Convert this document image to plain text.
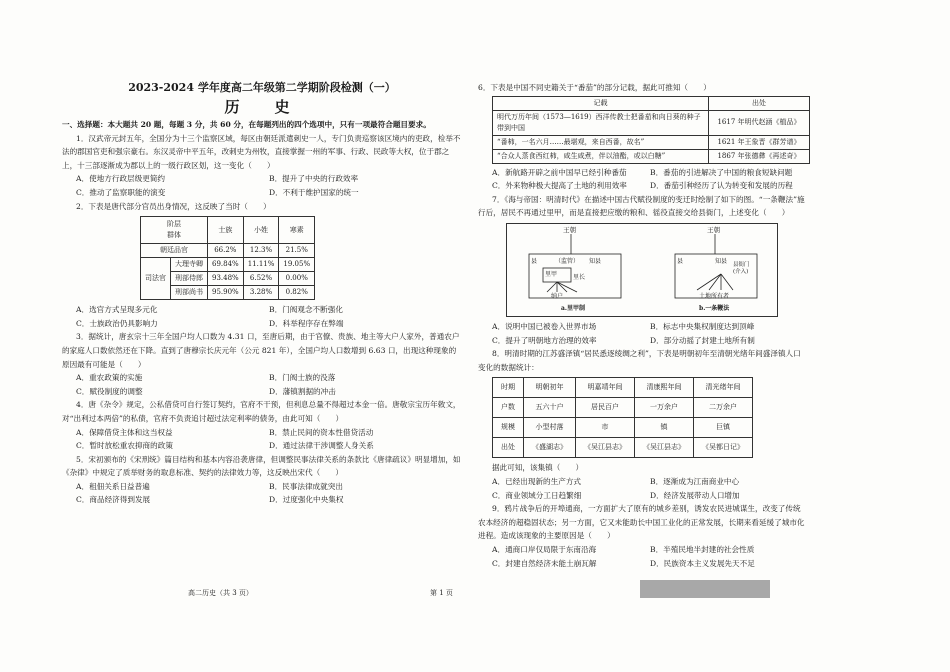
2023-2024 学年度高二年级第二学期阶段检测（一）
历　史

一、选择题：本大题共 20 题，每题 3 分，共 60 分，在每题列出的四个选项中，只有一项最符合题目要求。

1．汉武帝元封五年，全国分为十三个监察区域，每区由朝廷派遣刺史一人，专门负责巡察该区境内的吏政，检举不法的郡国官吏和强宗豪右。东汉灵帝中平五年，改刺史为州牧，直接掌握一州的军事、行政、民政等大权，位于郡之上，十三部逐渐成为郡以上的一级行政区划，这一变化（　　）

A．使地方行政层级更简约	B．提升了中央的行政效率
C．推动了监察职能的演变	D．不利于维护国家的统一

2．下表是唐代部分官员出身情况，这反映了当时（　　）

阶层
群体		士族	小姓	寒素
朝廷品官		66.2%	12.3%	21.5%
司法官	大理寺卿	69.84%	11.11%	19.05%
	刑部侍郎	93.48%	6.52%	0.00%
	刑部尚书	95.90%	3.28%	0.82%
A．选官方式呈现多元化	B．门阀观念不断强化
C．士族政治仍具影响力	D．科举程序存在弊端

3．据统计，唐玄宗十三年全国户均人口数为 4.31 口，至唐后期，由于官僚、贵族、地主等大户人家外，普通农户的家庭人口数依然还在下降。直到了唐穆宗长庆元年（公元 821 年），全国户均人口数增到 6.63 口，出现这种现象的原因最有可能是（　　）

A．重农政策的实施	B．门阀士族的没落
C．赋役制度的调整	D．藩镇割据的冲击

4．唐《杂令》规定，公私借贷可自行签订契约，官府不干预，但利息总量不得超过本金一倍。唐敬宗宝历年敕文，对“出利过本两倍”的私债，官府不负责追讨超过法定利率的债务，由此可知（　　）

A．保障借贷主体和这当权益	B．禁止民间的资本性借贷活动
C．暂时放松重农抑商的政策	D．通过法律干涉调整人身关系

5．宋初颁布的《宋刑统》篇目结构和基本内容沿袭唐律，但调整民事法律关系的条款比《唐律疏议》明显增加，如《杂律》中规定了质举财务的取息标准、契约的法律效力等，这反映出宋代（　　）

A．租佃关系日益普遍	B．民事法律成就突出
C．商品经济得到发展	D．过度强化中央集权

6．下表是中国不同史籍关于“番茄”的部分记载，据此可推知（　　）

记载	出处
明代万历年间（1573—1619）西洋传教士把番茄和向日葵的种子带到中国	1617 年明代赵涵《植品》
“番柿，一名六月……最堪观，来自西番，故名”	1621 年王象晋《群芳谱》
“合众人蒸食西红柿，咸生咸煮，伴以油酯，或以白糖”	1867 年张德彝《再述奇》
A．新航路开辟之前中国早已经引种番茄	B．番茄的引进解决了中国的粮食短缺问题
C．外来物种极大提高了土地的利用效率	D．番茄引种经历了认为转变和发展的历程

7．《海与帝国：明清时代》在描述中国古代赋役制度的变迁时绘制了如下的图。“一条鞭法”施行后，居民不再通过里甲，而是直接把应缴的粮和、徭役直接交给县衙门，上述变化（　　）

王朝	王朝
县	县
（监管） 知县	知县
里甲	里长
纳户
县衙门
(介入)
土地所有者
a.里甲制	b.一条鞭法
A．说明中国已被卷入世界市场	B．标志中央集权制度达到顶峰
C．提升了明朝地方治理的效率	D．部分动摇了封建土地所有制

8．明清时期的江苏盛泽镇“居民悉逐绫绸之利”，下表是明朝初年至清朝光绪年间盛泽镇人口变化的数据统计：

时期	明朝初年	明嘉靖年间	清康熙年间	清光绪年间
户数	五六十户	居民百户	一万余户	二万余户
规模	小型村落	市	镇	巨镇
出处	《盛湖志》	《吴江县志》	《吴江县志》	《吴都日记》

据此可知，该集镇（　　）

A．已经出现新的生产方式	B．逐渐成为江南商业中心
C．商业领域分工日趋繁细	D．经济发展带动人口增加

9．鸦片战争后的开埠通商，一方面扩大了原有的城乡差别，诱发农民进城谋生，改变了传统农本经济的超稳固状态；另一方面，它又未能助长中国工业化的正常发展，长期来看延缓了城市化进程。造成该现象的主要原因是（　　）

A．通商口岸仅局限于东南沿海	B．半殖民地半封建的社会性质
C．封建自然经济未能土崩瓦解	D．民族资本主义发展先天不足
高二历史（共 3 页）	第 1 页
